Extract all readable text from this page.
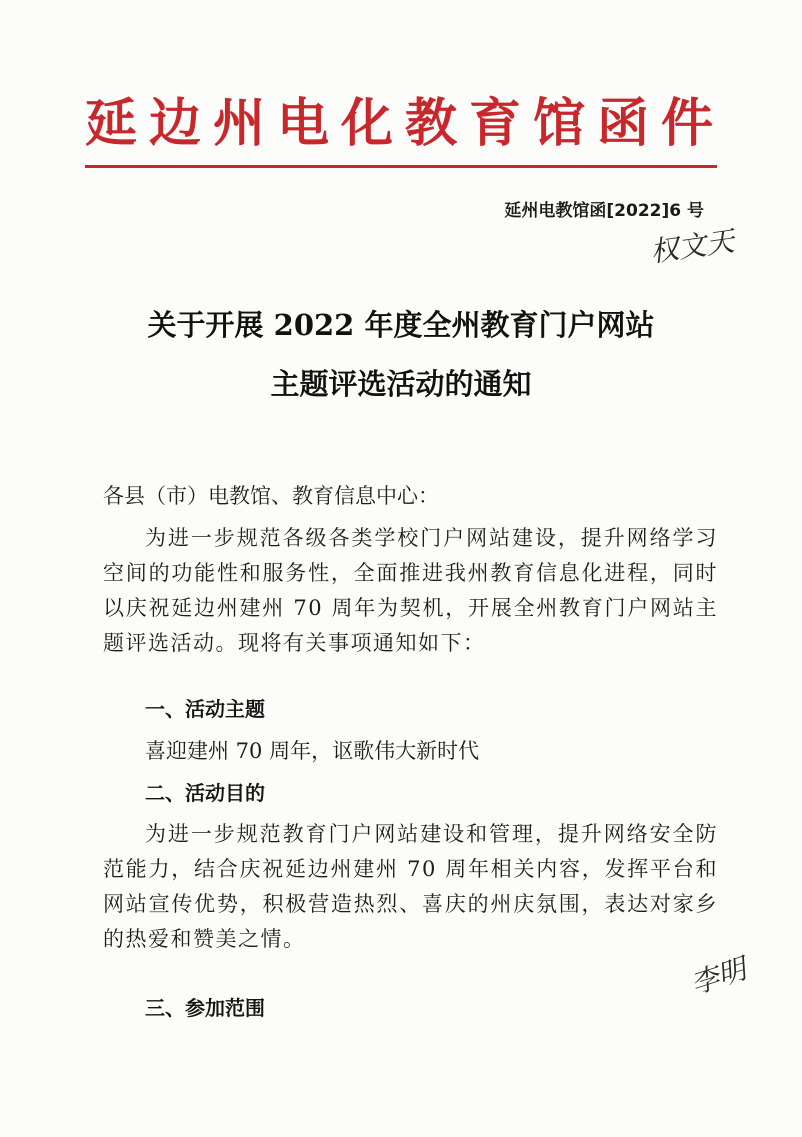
延边州电化教育馆函件
延州电教馆函[2022]6 号
权文天
关于开展 2022 年度全州教育门户网站
主题评选活动的通知
各县（市）电教馆、教育信息中心：
为进一步规范各级各类学校门户网站建设，提升网络学习空间的功能性和服务性，全面推进我州教育信息化进程，同时以庆祝延边州建州 70 周年为契机，开展全州教育门户网站主题评选活动。现将有关事项通知如下：
一、活动主题
喜迎建州 70 周年，讴歌伟大新时代
二、活动目的
为进一步规范教育门户网站建设和管理，提升网络安全防范能力，结合庆祝延边州建州 70 周年相关内容，发挥平台和网站宣传优势，积极营造热烈、喜庆的州庆氛围，表达对家乡的热爱和赞美之情。
李明
三、参加范围
